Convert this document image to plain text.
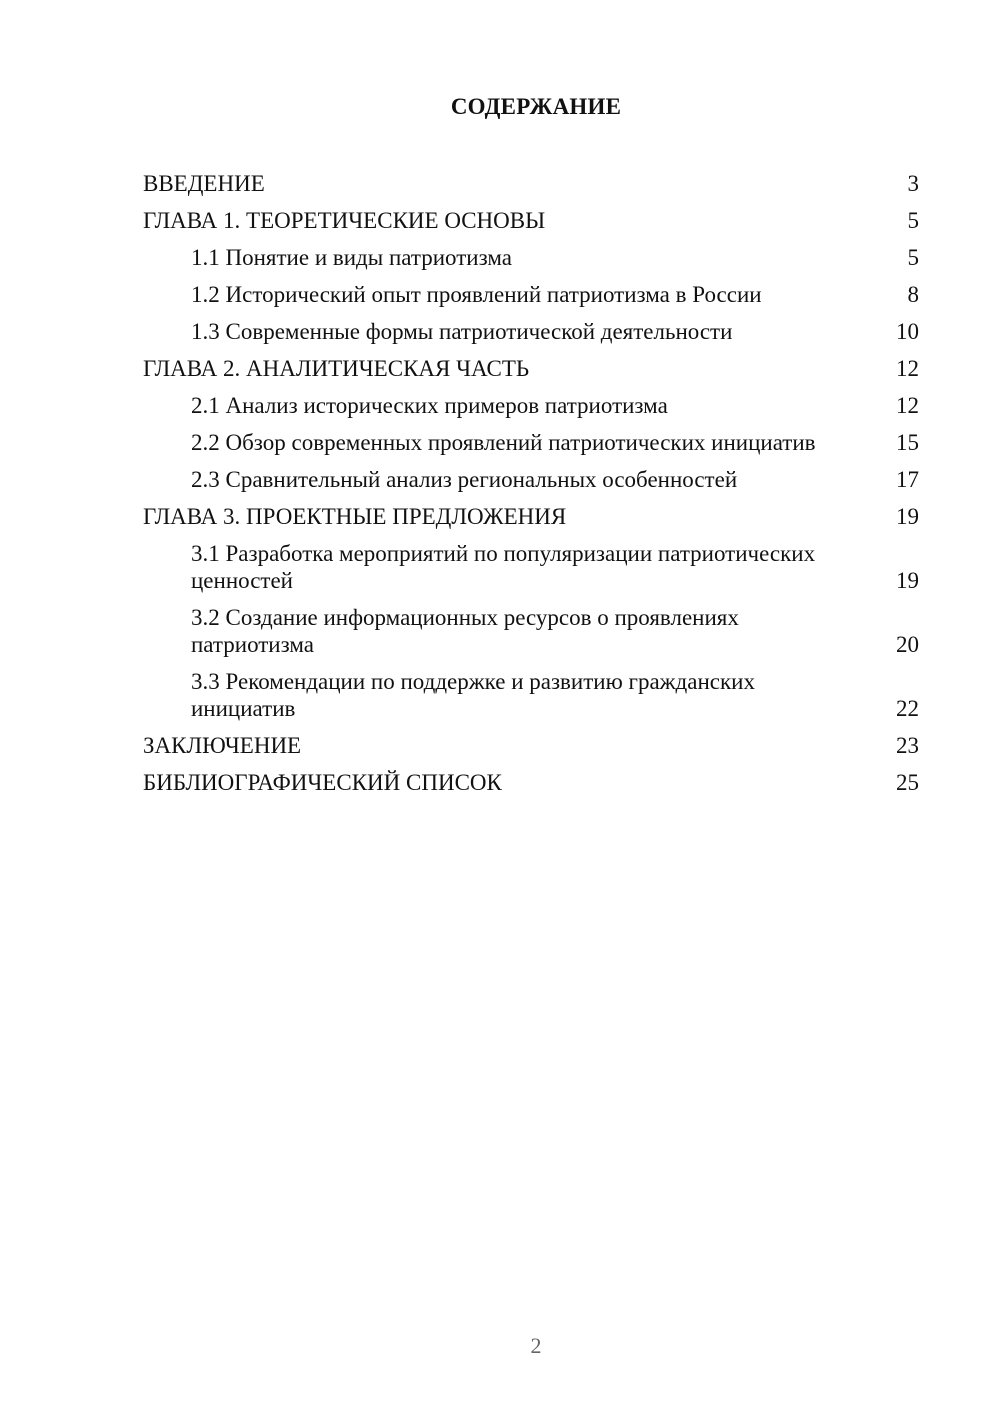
СОДЕРЖАНИЕ
ВВЕДЕНИЕ	3
ГЛАВА 1. ТЕОРЕТИЧЕСКИЕ ОСНОВЫ	5
1.1 Понятие и виды патриотизма	5
1.2 Исторический опыт проявлений патриотизма в России	8
1.3 Современные формы патриотической деятельности	10
ГЛАВА 2. АНАЛИТИЧЕСКАЯ ЧАСТЬ	12
2.1 Анализ исторических примеров патриотизма	12
2.2 Обзор современных проявлений патриотических инициатив	15
2.3 Сравнительный анализ региональных особенностей	17
ГЛАВА 3. ПРОЕКТНЫЕ ПРЕДЛОЖЕНИЯ	19
3.1 Разработка мероприятий по популяризации патриотических ценностей	19
3.2 Создание информационных ресурсов о проявлениях патриотизма	20
3.3 Рекомендации по поддержке и развитию гражданских инициатив	22
ЗАКЛЮЧЕНИЕ	23
БИБЛИОГРАФИЧЕСКИЙ СПИСОК	25
2
